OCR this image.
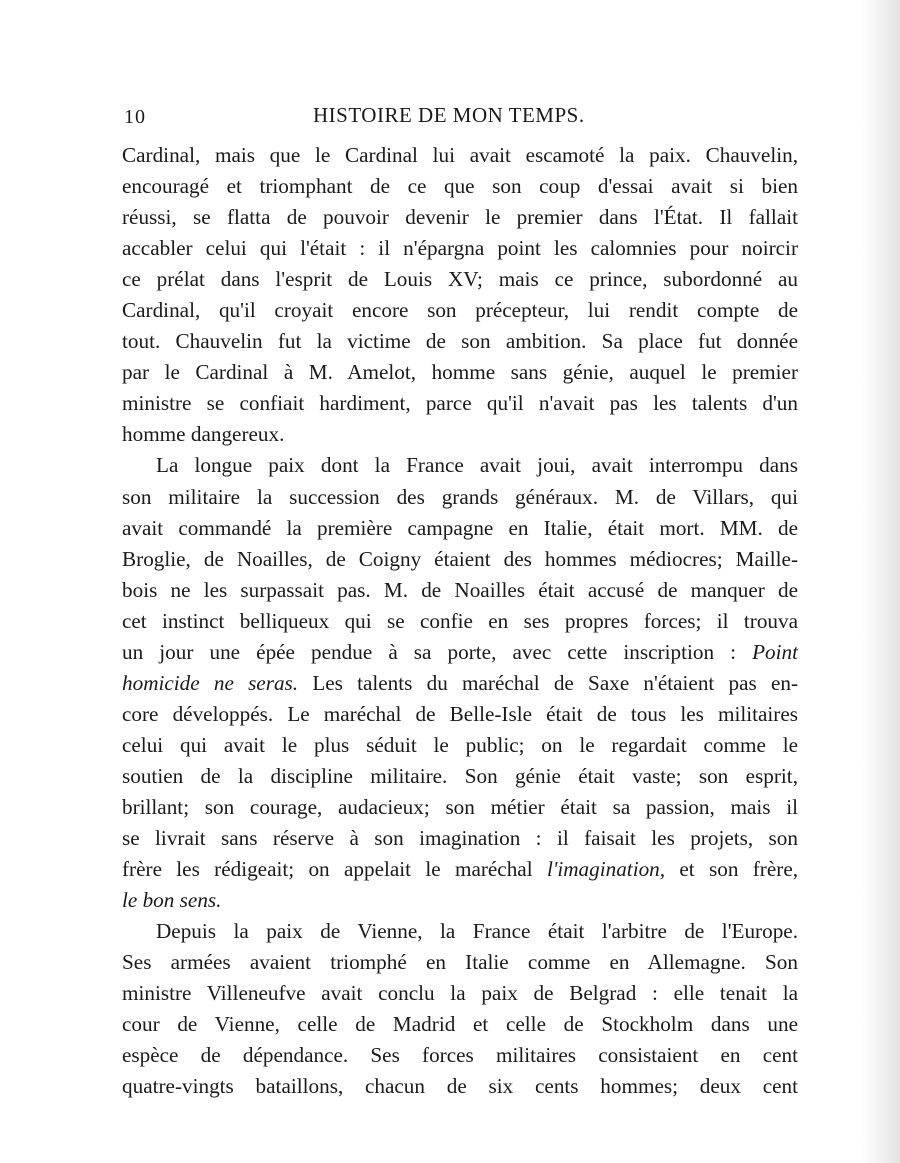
10	HISTOIRE DE MON TEMPS.
Cardinal, mais que le Cardinal lui avait escamoté la paix. Chauvelin,
encouragé et triomphant de ce que son coup d'essai avait si bien
réussi, se flatta de pouvoir devenir le premier dans l'État. Il fallait
accabler celui qui l'était : il n'épargna point les calomnies pour noircir
ce prélat dans l'esprit de Louis XV; mais ce prince, subordonné au
Cardinal, qu'il croyait encore son précepteur, lui rendit compte de
tout. Chauvelin fut la victime de son ambition. Sa place fut donnée
par le Cardinal à M. Amelot, homme sans génie, auquel le premier
ministre se confiait hardiment, parce qu'il n'avait pas les talents d'un
homme dangereux.
La longue paix dont la France avait joui, avait interrompu dans
son militaire la succession des grands généraux. M. de Villars, qui
avait commandé la première campagne en Italie, était mort. MM. de
Broglie, de Noailles, de Coigny étaient des hommes médiocres; Maille-
bois ne les surpassait pas. M. de Noailles était accusé de manquer de
cet instinct belliqueux qui se confie en ses propres forces; il trouva
un jour une épée pendue à sa porte, avec cette inscription : Point
homicide ne seras. Les talents du maréchal de Saxe n'étaient pas en-
core développés. Le maréchal de Belle-Isle était de tous les militaires
celui qui avait le plus séduit le public; on le regardait comme le
soutien de la discipline militaire. Son génie était vaste; son esprit,
brillant; son courage, audacieux; son métier était sa passion, mais il
se livrait sans réserve à son imagination : il faisait les projets, son
frère les rédigeait; on appelait le maréchal l'imagination, et son frère,
le bon sens.
Depuis la paix de Vienne, la France était l'arbitre de l'Europe.
Ses armées avaient triomphé en Italie comme en Allemagne. Son
ministre Villeneufve avait conclu la paix de Belgrad : elle tenait la
cour de Vienne, celle de Madrid et celle de Stockholm dans une
espèce de dépendance. Ses forces militaires consistaient en cent
quatre-vingts bataillons, chacun de six cents hommes; deux cent
